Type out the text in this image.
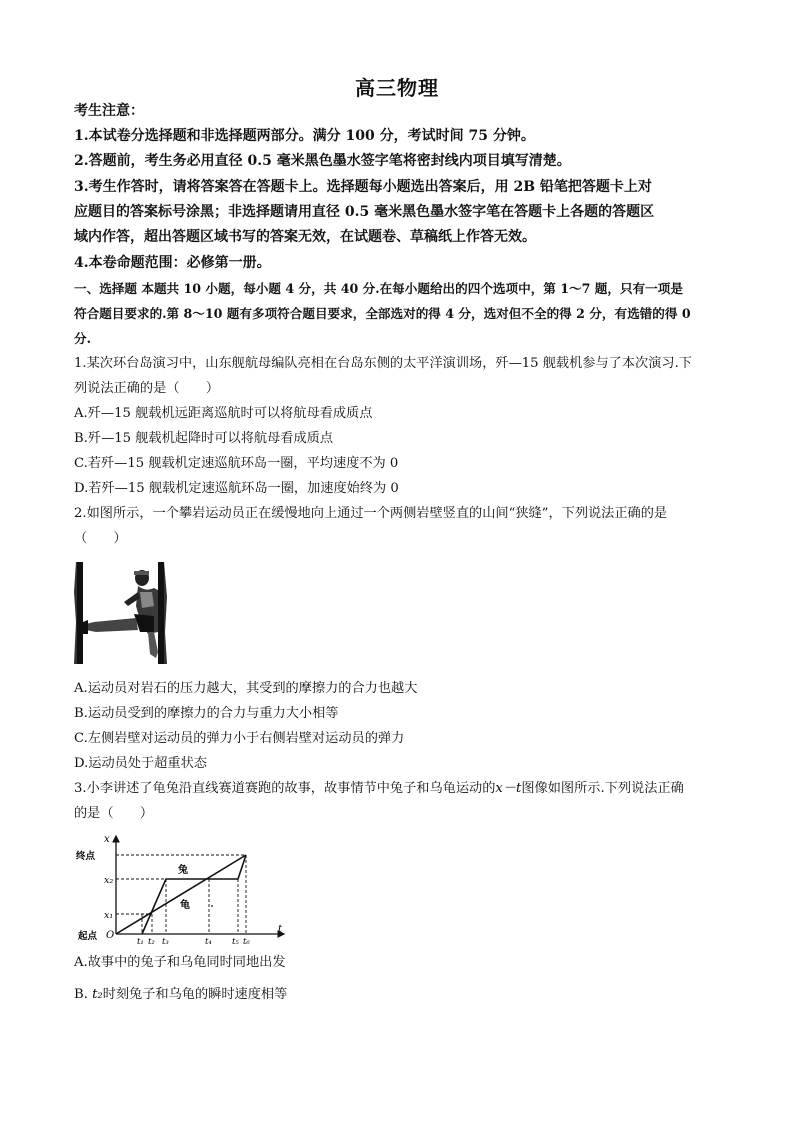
高三物理
考生注意：
1.本试卷分选择题和非选择题两部分。满分 100 分，考试时间 75 分钟。
2.答题前，考生务必用直径 0.5 毫米黑色墨水签字笔将密封线内项目填写清楚。
3.考生作答时，请将答案答在答题卡上。选择题每小题选出答案后，用 2B 铅笔把答题卡上对
应题目的答案标号涂黑；非选择题请用直径 0.5 毫米黑色墨水签字笔在答题卡上各题的答题区
域内作答，超出答题区域书写的答案无效，在试题卷、草稿纸上作答无效。
4.本卷命题范围：必修第一册。
一、选择题 本题共 10 小题，每小题 4 分，共 40 分.在每小题给出的四个选项中，第 1～7 题，只有一项是
符合题目要求的.第 8～10 题有多项符合题目要求，全部选对的得 4 分，选对但不全的得 2 分，有选错的得 0
分.
1.某次环台岛演习中，山东舰航母编队亮相在台岛东侧的太平洋演训场，歼—15 舰载机参与了本次演习.下
列说法正确的是（　　）
A.歼—15 舰载机远距离巡航时可以将航母看成质点
B.歼—15 舰载机起降时可以将航母看成质点
C.若歼—15 舰载机定速巡航环岛一圈，平均速度不为 0
D.若歼—15 舰载机定速巡航环岛一圈，加速度始终为 0
2.如图所示，一个攀岩运动员正在缓慢地向上通过一个两侧岩壁竖直的山间“狭缝”，下列说法正确的是
（　　）
A.运动员对岩石的压力越大，其受到的摩擦力的合力也越大
B.运动员受到的摩擦力的合力与重力大小相等
C.左侧岩壁对运动员的弹力小于右侧岩壁对运动员的弹力
D.运动员处于超重状态
3.小李讲述了龟兔沿直线赛道赛跑的故事，故事情节中兔子和乌龟运动的x－t图像如图所示.下列说法正确
的是（　　）
x
t
O
终点
x₂
x₁
起点
兔
龟
t₁ t₂ t₃	t₄ t₅ t₆
A.故事中的兔子和乌龟同时同地出发
B. t₂时刻兔子和乌龟的瞬时速度相等
